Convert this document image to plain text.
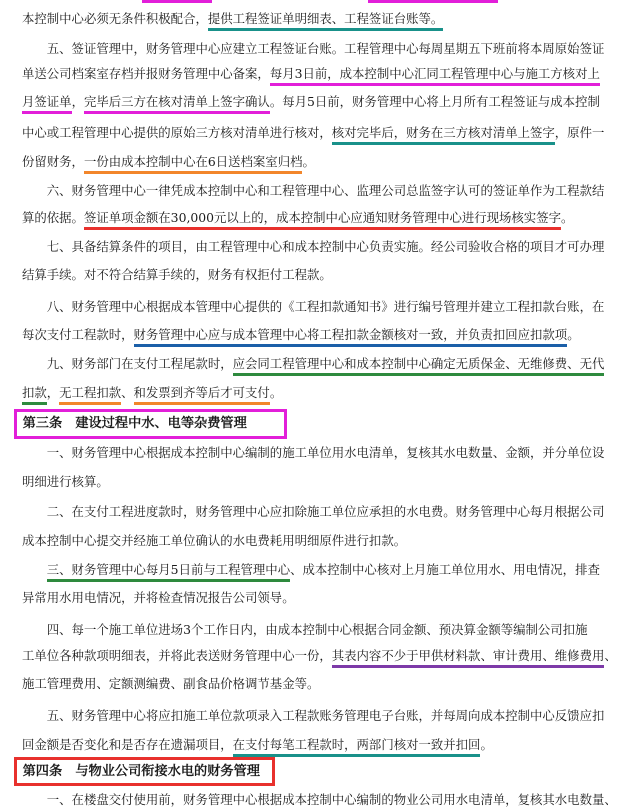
本控制中心必须无条件积极配合，提供工程签证单明细表、工程签证台账等。
　　五、签证管理中，财务管理中心应建立工程签证台账。工程管理中心每周星期五下班前将本周原始签证
单送公司档案室存档并报财务管理中心备案，每月3日前，成本控制中心汇同工程管理中心与施工方核对上
月签证单，完毕后三方在核对清单上签字确认。每月5日前，财务管理中心将上月所有工程签证与成本控制
中心或工程管理中心提供的原始三方核对清单进行核对，核对完毕后，财务在三方核对清单上签字，原件一
份留财务，一份由成本控制中心在6日送档案室归档。
　　六、财务管理中心一律凭成本控制中心和工程管理中心、监理公司总监签字认可的签证单作为工程款结
算的依据。签证单项金额在30,000元以上的，成本控制中心应通知财务管理中心进行现场核实签字。
　　七、具备结算条件的项目，由工程管理中心和成本控制中心负责实施。经公司验收合格的项目才可办理
结算手续。对不符合结算手续的，财务有权拒付工程款。
　　八、财务管理中心根据成本管理中心提供的《工程扣款通知书》进行编号管理并建立工程扣款台账，在
每次支付工程款时，财务管理中心应与成本管理中心将工程扣款金额核对一致，并负责扣回应扣款项。
　　九、财务部门在支付工程尾款时，应会同工程管理中心和成本控制中心确定无质保金、无维修费、无代
扣款，无工程扣款、和发票到齐等后才可支付。
第三条　建设过程中水、电等杂费管理
　　一、财务管理中心根据成本控制中心编制的施工单位用水电清单，复核其水电数量、金额，并分单位设
明细进行核算。
　　二、在支付工程进度款时，财务管理中心应扣除施工单位应承担的水电费。财务管理中心每月根据公司
成本控制中心提交并经施工单位确认的水电费耗用明细原件进行扣款。
　　三、财务管理中心每月5日前与工程管理中心、成本控制中心核对上月施工单位用水、用电情况，排查
异常用水用电情况，并将检查情况报告公司领导。
　　四、每一个施工单位进场3个工作日内，由成本控制中心根据合同金额、预决算金额等编制公司扣施
工单位各种款项明细表，并将此表送财务管理中心一份，其表内容不少于甲供材料款、审计费用、维修费用、
施工管理费用、定额测编费、副食品价格调节基金等。
　　五、财务管理中心将应扣施工单位款项录入工程款账务管理电子台账，并每周向成本控制中心反馈应扣
回金额是否变化和是否存在遗漏项目，在支付每笔工程款时，两部门核对一致并扣回。
第四条　与物业公司衔接水电的财务管理
　　一、在楼盘交付使用前，财务管理中心根据成本控制中心编制的物业公司用水电清单，复核其水电数量、
